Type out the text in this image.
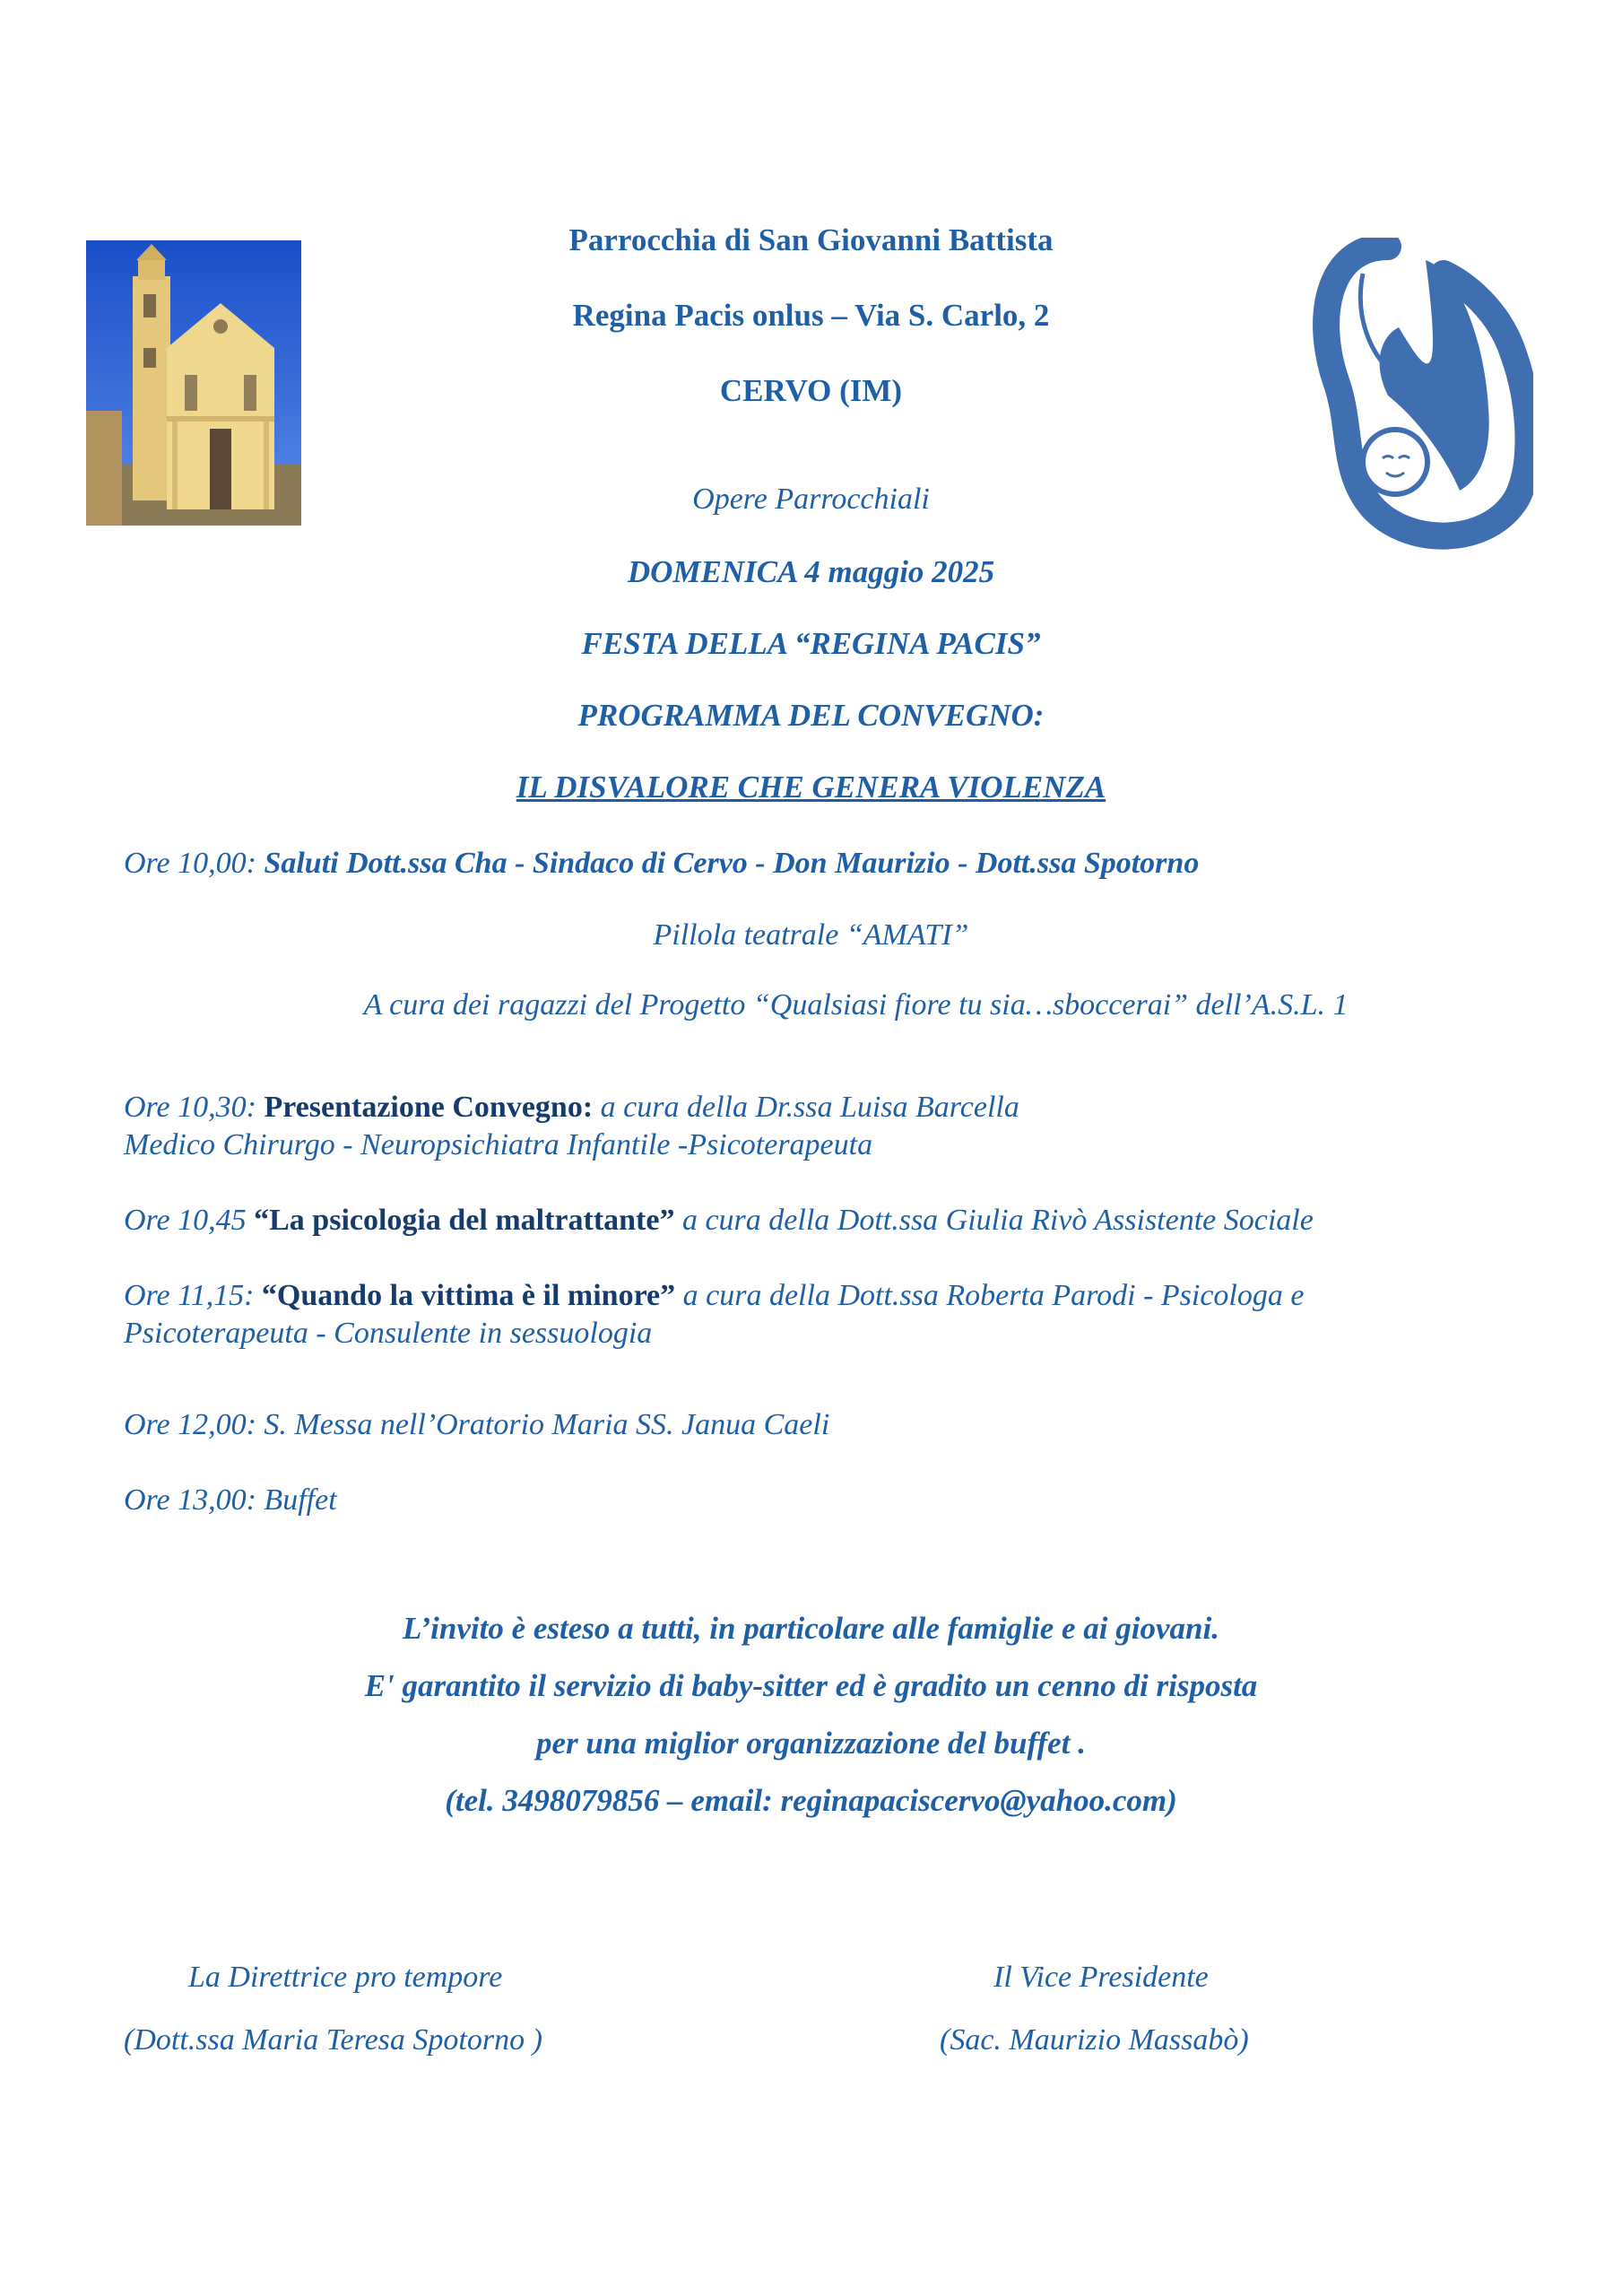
Parrocchia di San Giovanni Battista
Regina Pacis onlus – Via S. Carlo, 2
CERVO (IM)
Opere Parrocchiali
DOMENICA 4 maggio 2025
FESTA DELLA “REGINA PACIS”
PROGRAMMA DEL CONVEGNO:
IL DISVALORE CHE GENERA VIOLENZA
Ore 10,00: Saluti Dott.ssa Cha - Sindaco di Cervo - Don Maurizio - Dott.ssa Spotorno
Pillola teatrale “AMATI”
A cura dei ragazzi del Progetto “Qualsiasi fiore tu sia…sboccerai” dell’A.S.L. 1
Ore 10,30: Presentazione Convegno: a cura della Dr.ssa Luisa Barcella
Medico Chirurgo - Neuropsichiatra Infantile -Psicoterapeuta
Ore 10,45 “La psicologia del maltrattante” a cura della Dott.ssa Giulia Rivò Assistente Sociale
Ore 11,15: “Quando la vittima è il minore” a cura della Dott.ssa Roberta Parodi - Psicologa e
Psicoterapeuta - Consulente in sessuologia
Ore 12,00: S. Messa nell’Oratorio Maria SS. Janua Caeli
Ore 13,00: Buffet
L’invito è esteso a tutti, in particolare alle famiglie e ai giovani.
E' garantito il servizio di baby-sitter ed è gradito un cenno di risposta
per una miglior organizzazione del buffet .
(tel. 3498079856 – email: reginapaciscervo@yahoo.com)
La Direttrice pro tempore
(Dott.ssa Maria Teresa Spotorno )
Il Vice Presidente
(Sac. Maurizio Massabò)
